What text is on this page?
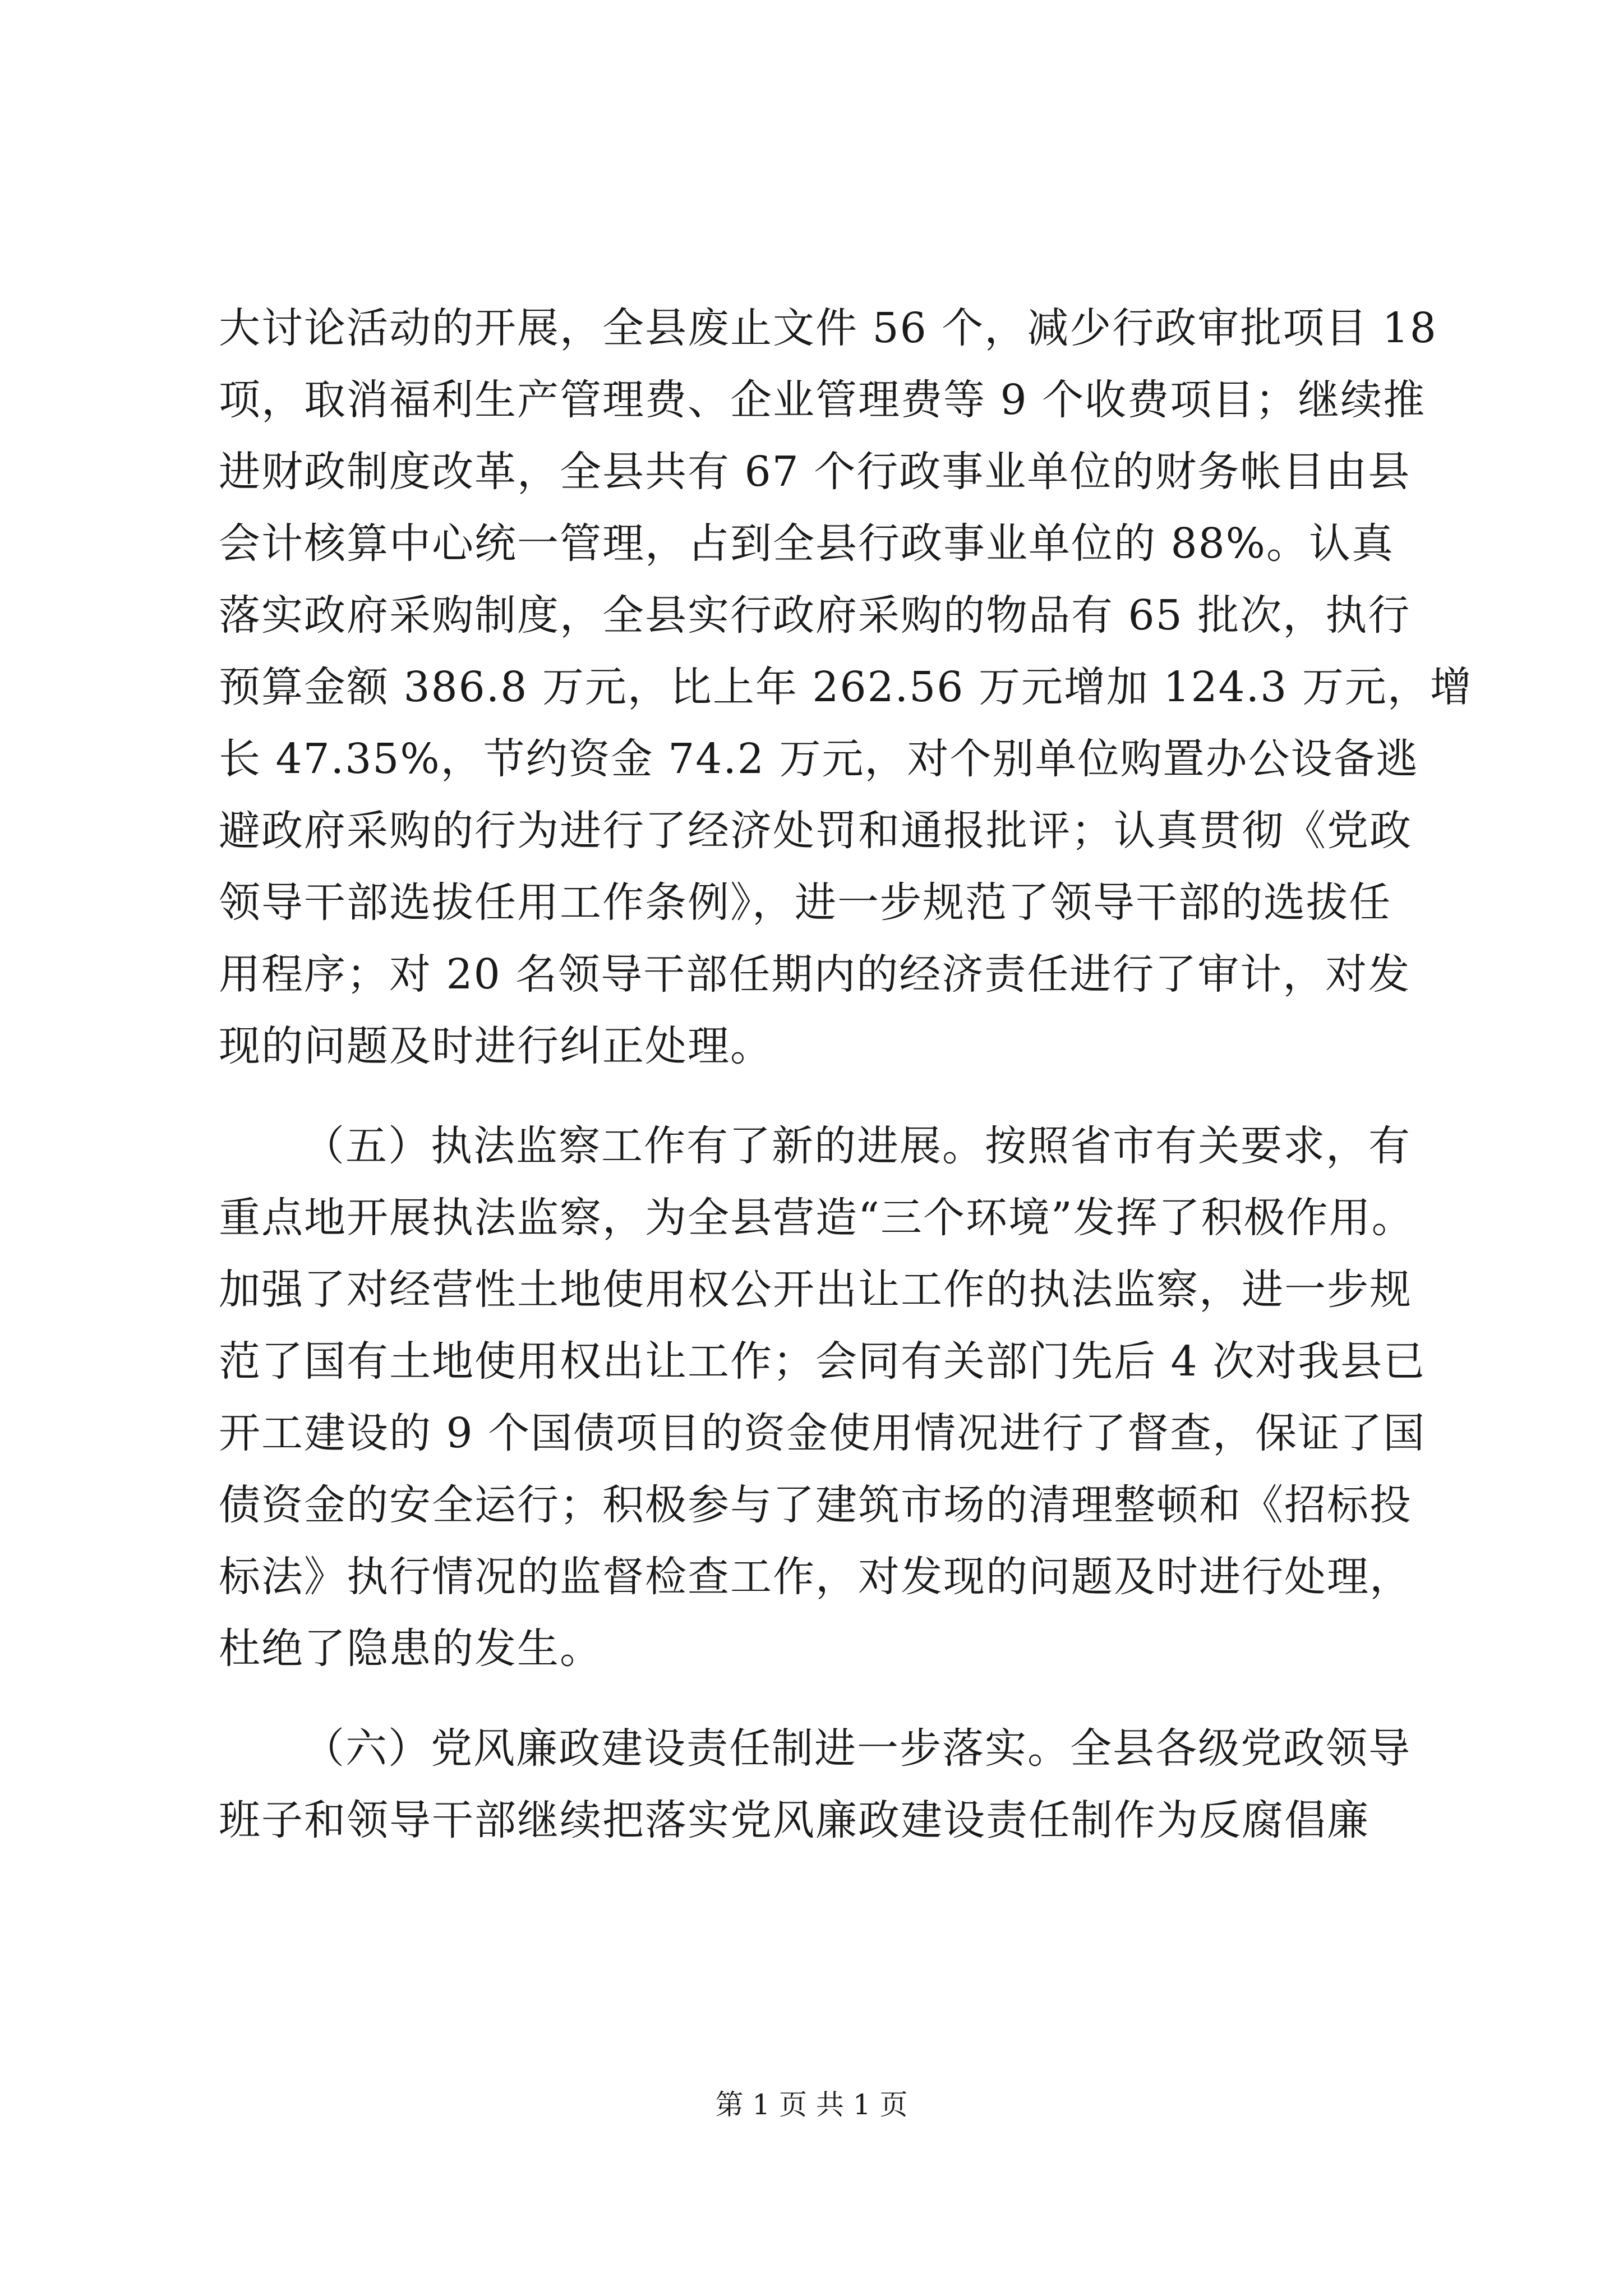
大讨论活动的开展，全县废止文件 56 个，减少行政审批项目 18
项，取消福利生产管理费、企业管理费等 9 个收费项目；继续推
进财政制度改革，全县共有 67 个行政事业单位的财务帐目由县
会计核算中心统一管理，占到全县行政事业单位的 88%。认真
落实政府采购制度，全县实行政府采购的物品有 65 批次，执行
预算金额 386.8 万元，比上年 262.56 万元增加 124.3 万元，增
长 47.35%，节约资金 74.2 万元，对个别单位购置办公设备逃
避政府采购的行为进行了经济处罚和通报批评；认真贯彻《党政
领导干部选拔任用工作条例》，进一步规范了领导干部的选拔任
用程序；对 20 名领导干部任期内的经济责任进行了审计，对发
现的问题及时进行纠正处理。
（五）执法监察工作有了新的进展。按照省市有关要求，有
重点地开展执法监察，为全县营造“三个环境”发挥了积极作用。
加强了对经营性土地使用权公开出让工作的执法监察，进一步规
范了国有土地使用权出让工作；会同有关部门先后 4 次对我县已
开工建设的 9 个国债项目的资金使用情况进行了督查，保证了国
债资金的安全运行；积极参与了建筑市场的清理整顿和《招标投
标法》执行情况的监督检查工作，对发现的问题及时进行处理，
杜绝了隐患的发生。
（六）党风廉政建设责任制进一步落实。全县各级党政领导
班子和领导干部继续把落实党风廉政建设责任制作为反腐倡廉
第 1 页 共 1 页
